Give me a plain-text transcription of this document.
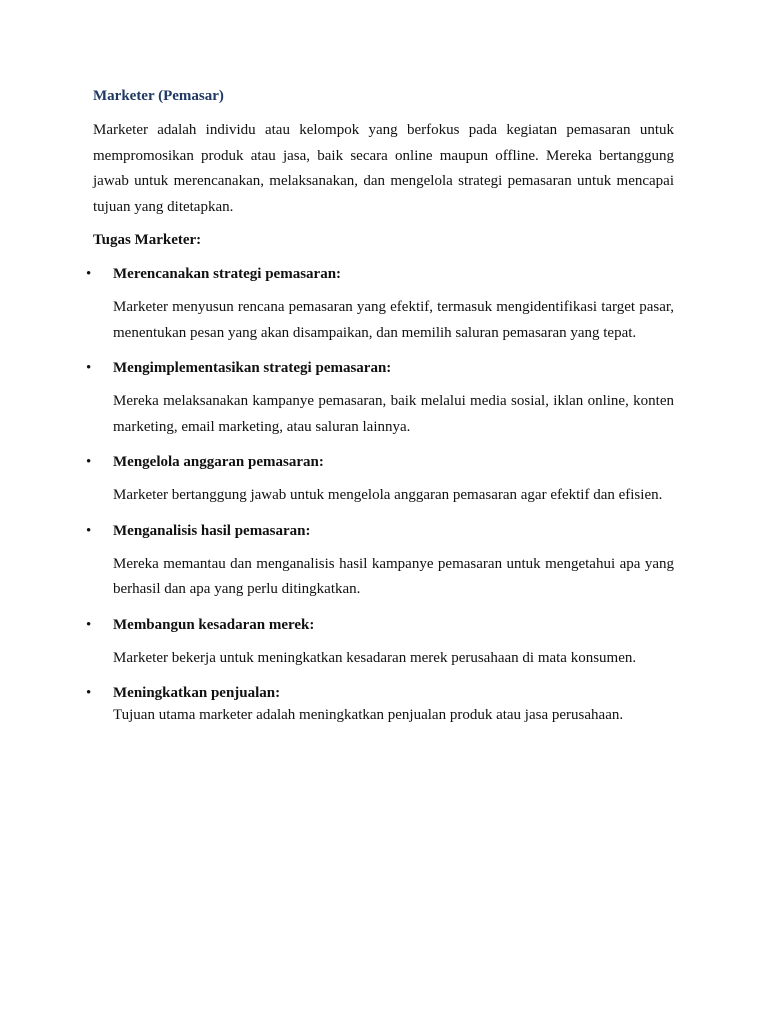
Marketer (Pemasar)

Marketer adalah individu atau kelompok yang berfokus pada kegiatan pemasaran untuk mempromosikan produk atau jasa, baik secara online maupun offline. Mereka bertanggung jawab untuk merencanakan, melaksanakan, dan mengelola strategi pemasaran untuk mencapai tujuan yang ditetapkan.

Tugas Marketer:
• Merencanakan strategi pemasaran:

Marketer menyusun rencana pemasaran yang efektif, termasuk mengidentifikasi target pasar, menentukan pesan yang akan disampaikan, dan memilih saluran pemasaran yang tepat.

• Mengimplementasikan strategi pemasaran:

Mereka melaksanakan kampanye pemasaran, baik melalui media sosial, iklan online, konten marketing, email marketing, atau saluran lainnya.

• Mengelola anggaran pemasaran:

Marketer bertanggung jawab untuk mengelola anggaran pemasaran agar efektif dan efisien.

• Menganalisis hasil pemasaran:

Mereka memantau dan menganalisis hasil kampanye pemasaran untuk mengetahui apa yang berhasil dan apa yang perlu ditingkatkan.

• Membangun kesadaran merek:

Marketer bekerja untuk meningkatkan kesadaran merek perusahaan di mata konsumen.

• Meningkatkan penjualan:

Tujuan utama marketer adalah meningkatkan penjualan produk atau jasa perusahaan.
